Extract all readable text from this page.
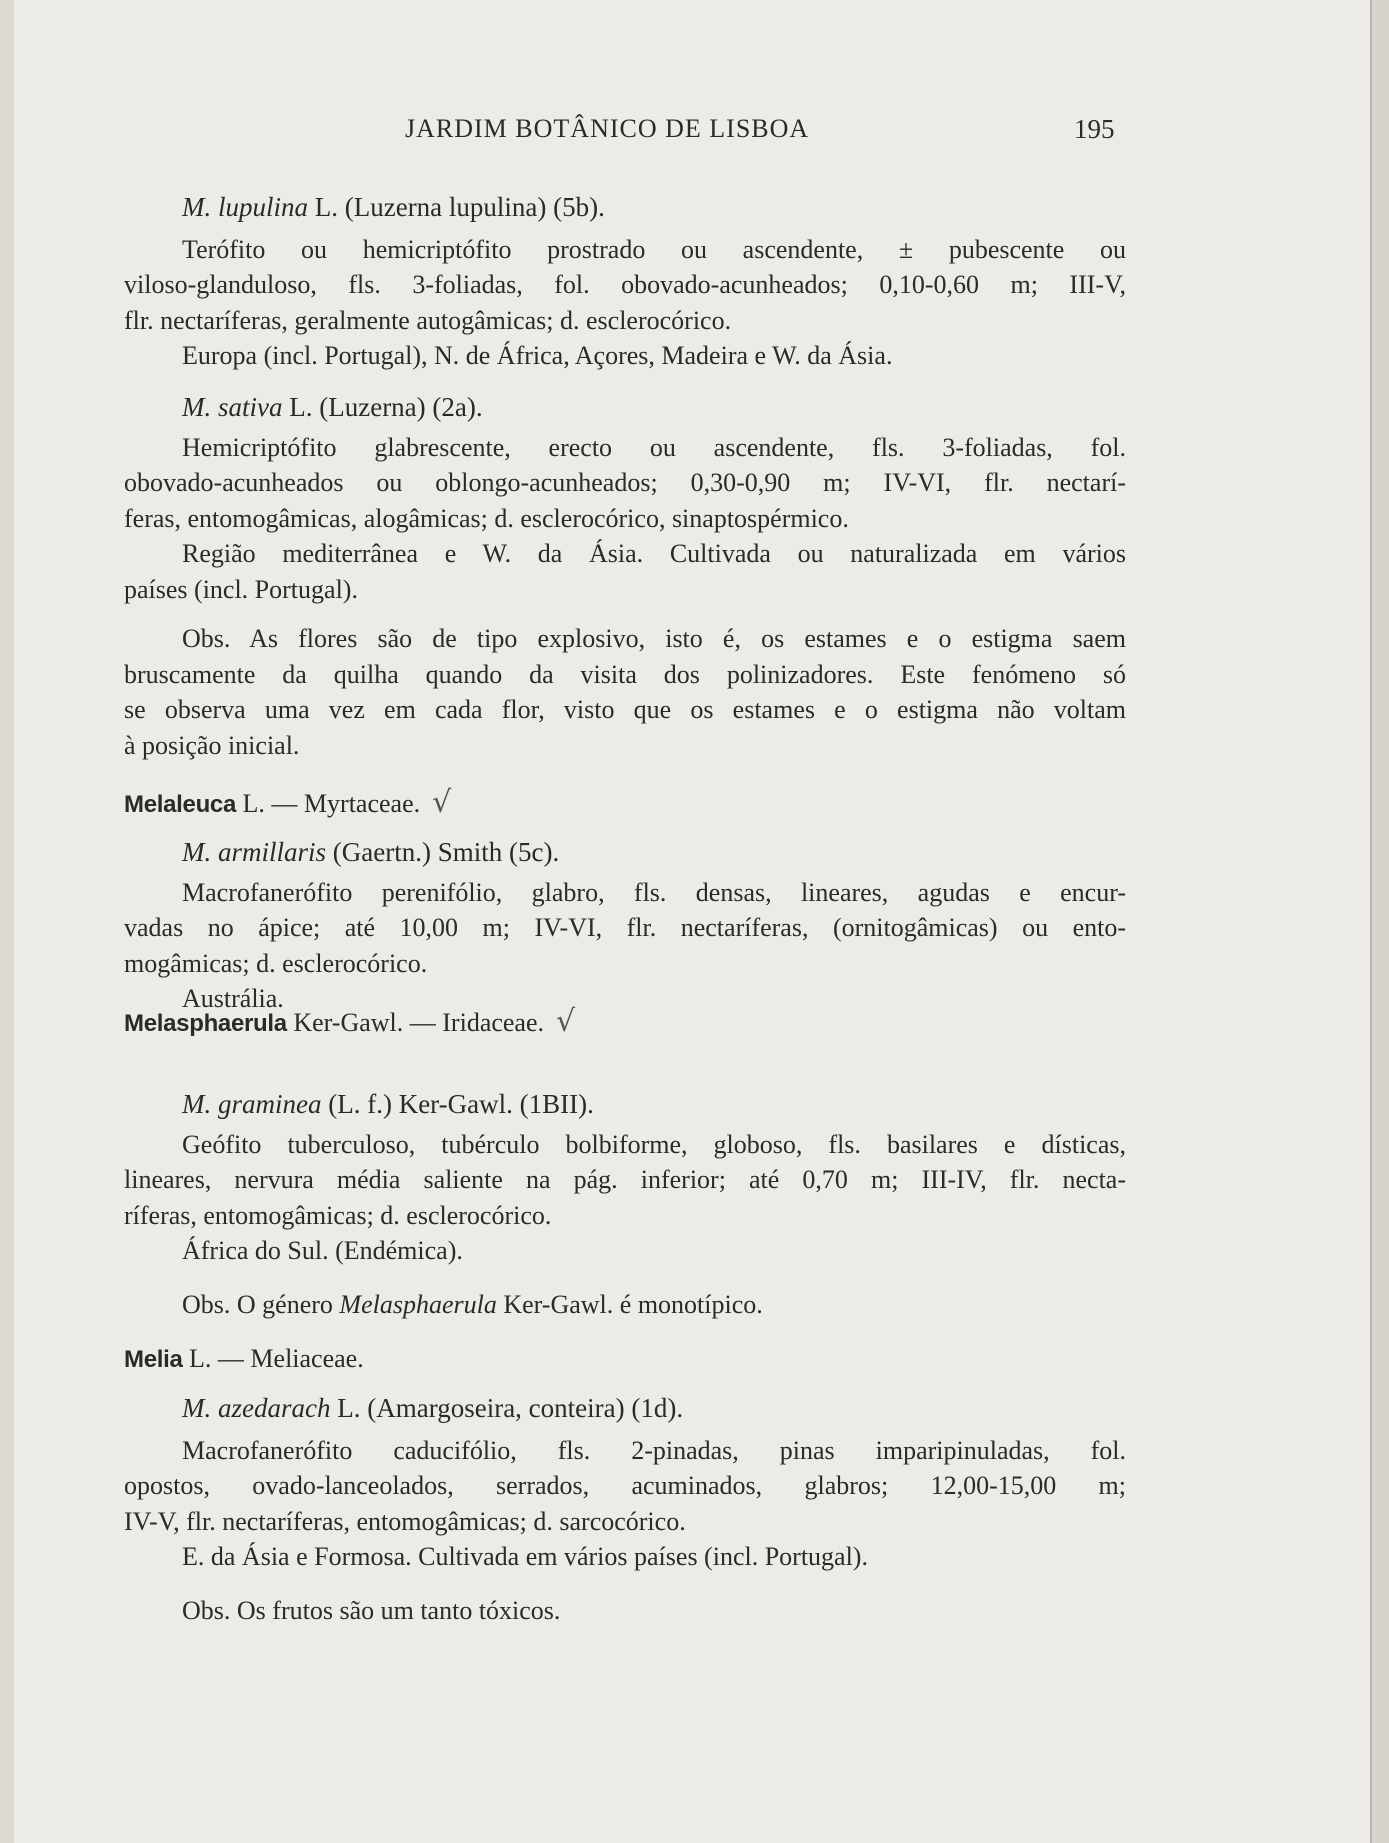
JARDIM BOTÂNICO DE LISBOA	195
M. lupulina L. (Luzerna lupulina) (5b).
Terófito ou hemicriptófito prostrado ou ascendente, ± pubescente ou
viloso-glanduloso, fls. 3-foliadas, fol. obovado-acunheados; 0,10-0,60 m; III-V,
flr. nectaríferas, geralmente autogâmicas; d. esclerocórico.
Europa (incl. Portugal), N. de África, Açores, Madeira e W. da Ásia.
M. sativa L. (Luzerna) (2a).
Hemicriptófito glabrescente, erecto ou ascendente, fls. 3-foliadas, fol.
obovado-acunheados ou oblongo-acunheados; 0,30-0,90 m; IV-VI, flr. nectarí-
feras, entomogâmicas, alogâmicas; d. esclerocórico, sinaptospérmico.
Região mediterrânea e W. da Ásia. Cultivada ou naturalizada em vários
países (incl. Portugal).
Obs. As flores são de tipo explosivo, isto é, os estames e o estigma saem
bruscamente da quilha quando da visita dos polinizadores. Este fenómeno só
se observa uma vez em cada flor, visto que os estames e o estigma não voltam
à posição inicial.
Melaleuca L. — Myrtaceae. √
M. armillaris (Gaertn.) Smith (5c).
Macrofanerófito perenifólio, glabro, fls. densas, lineares, agudas e encur-
vadas no ápice; até 10,00 m; IV-VI, flr. nectaríferas, (ornitogâmicas) ou ento-
mogâmicas; d. esclerocórico.
Austrália.
Melasphaerula Ker-Gawl. — Iridaceae. √
M. graminea (L. f.) Ker-Gawl. (1BII).
Geófito tuberculoso, tubérculo bolbiforme, globoso, fls. basilares e dísticas,
lineares, nervura média saliente na pág. inferior; até 0,70 m; III-IV, flr. necta-
ríferas, entomogâmicas; d. esclerocórico.
África do Sul. (Endémica).
Obs. O género Melasphaerula Ker-Gawl. é monotípico.
Melia L. — Meliaceae.
M. azedarach L. (Amargoseira, conteira) (1d).
Macrofanerófito caducifólio, fls. 2-pinadas, pinas imparipinuladas, fol.
opostos, ovado-lanceolados, serrados, acuminados, glabros; 12,00-15,00 m;
IV-V, flr. nectaríferas, entomogâmicas; d. sarcocórico.
E. da Ásia e Formosa. Cultivada em vários países (incl. Portugal).
Obs. Os frutos são um tanto tóxicos.
